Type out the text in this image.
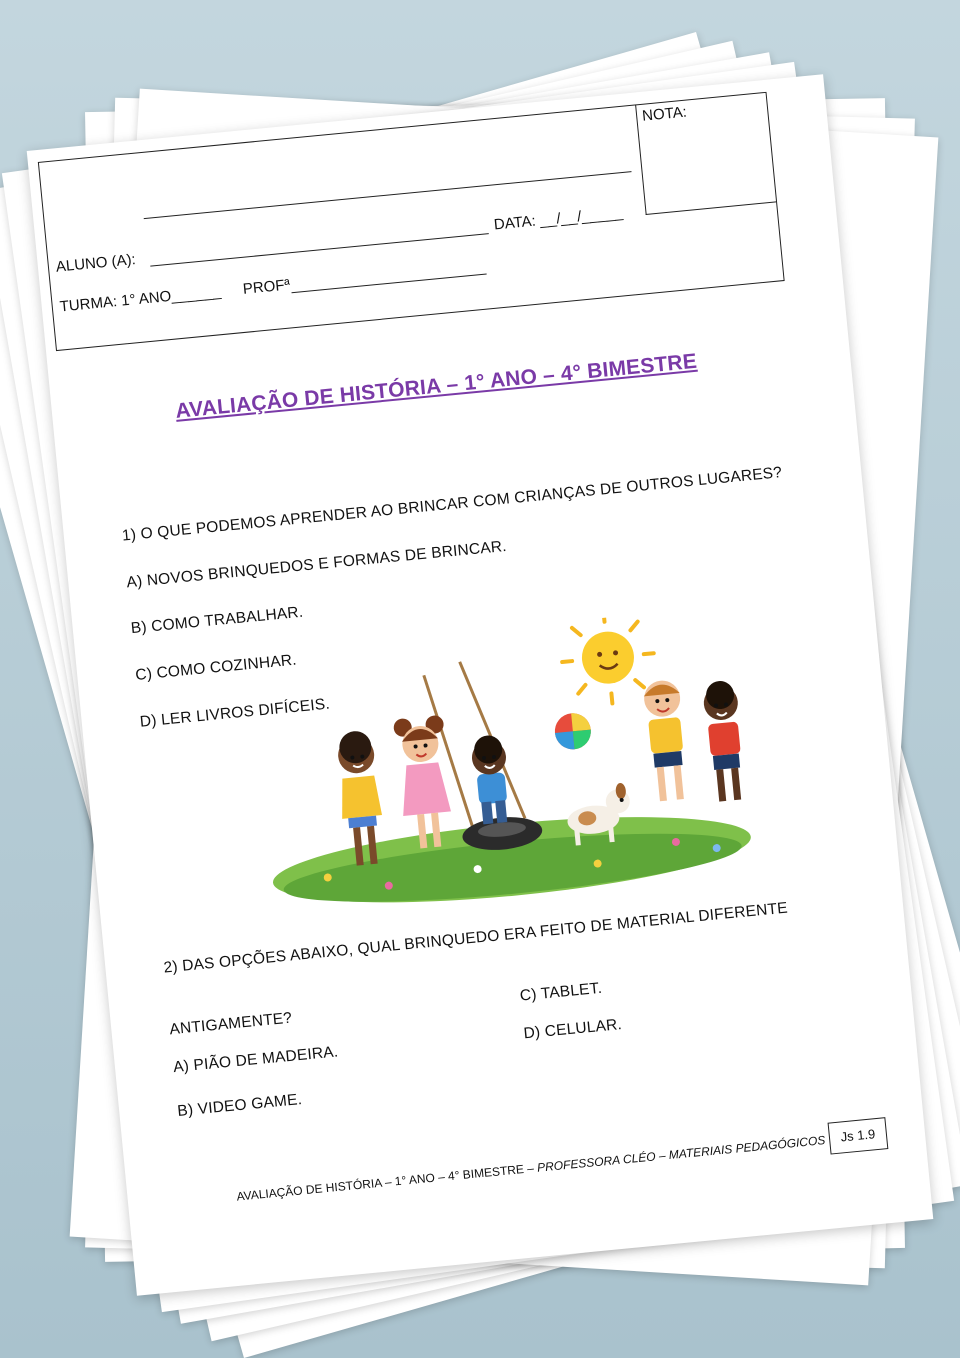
NOTA:
ALUNO (A):
DATA: __/__/_____
TURMA: 1° ANO______ PROFª
AVALIAÇÃO DE HISTÓRIA – 1° ANO – 4° BIMESTRE
1) O QUE PODEMOS APRENDER AO BRINCAR COM CRIANÇAS DE OUTROS LUGARES?
A) NOVOS BRINQUEDOS E FORMAS DE BRINCAR.
B) COMO TRABALHAR.
C) COMO COZINHAR.
D) LER LIVROS DIFÍCEIS.
2) DAS OPÇÕES ABAIXO, QUAL BRINQUEDO ERA FEITO DE MATERIAL DIFERENTE
ANTIGAMENTE?
A) PIÃO DE MADEIRA.
B) VIDEO GAME.
C) TABLET.
D) CELULAR.
AVALIAÇÃO DE HISTÓRIA – 1° ANO – 4° BIMESTRE – PROFESSORA CLÉO – MATERIAIS PEDAGÓGICOS	Js 1.9
